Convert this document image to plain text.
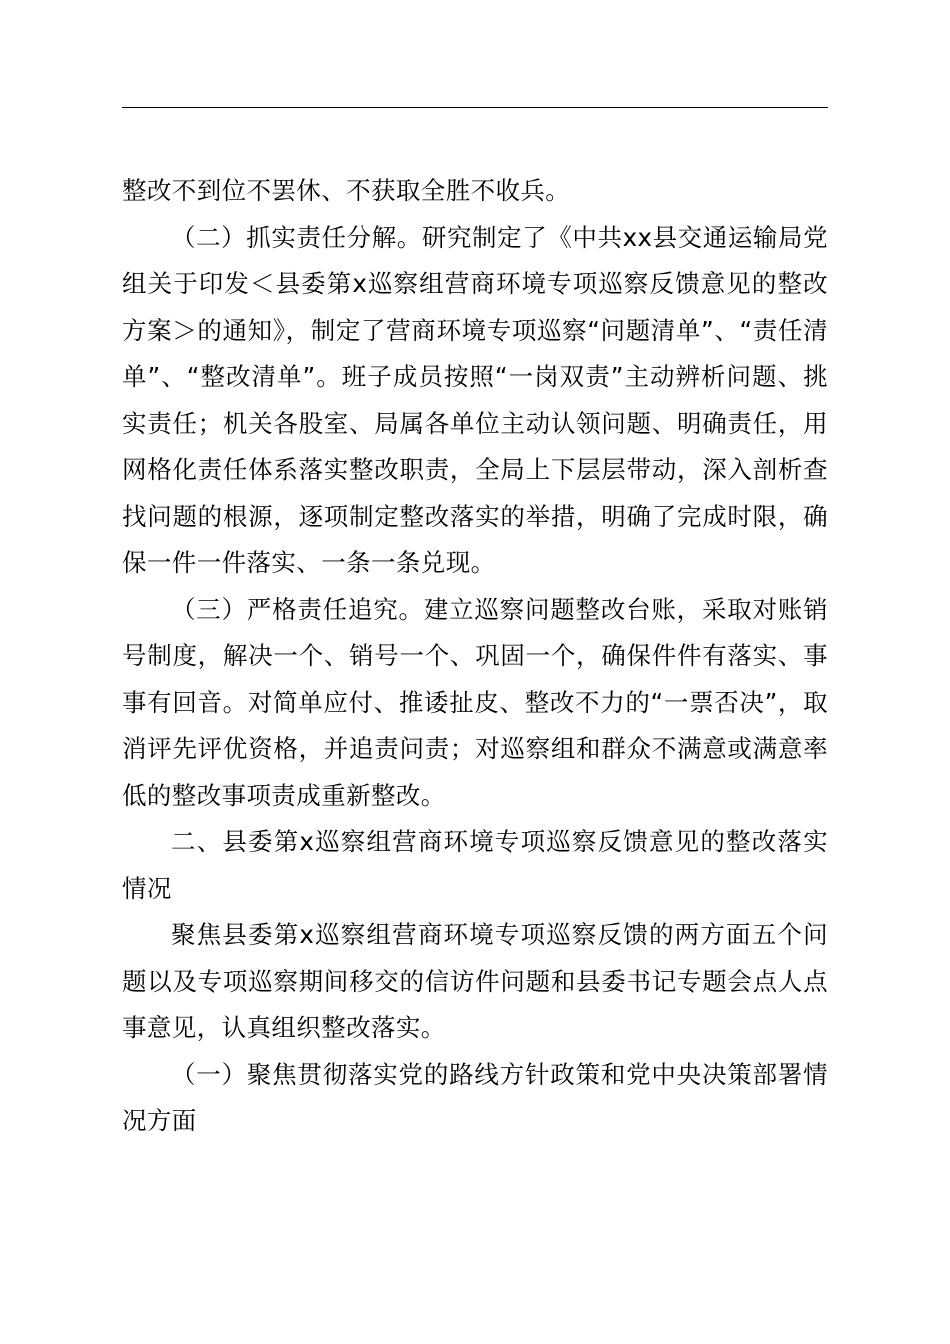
整改不到位不罢休、不获取全胜不收兵。

（二）抓实责任分解。研究制定了《中共xx县交通运输局党组关于印发＜县委第x巡察组营商环境专项巡察反馈意见的整改方案＞的通知》，制定了营商环境专项巡察“问题清单”、“责任清单”、“整改清单”。班子成员按照“一岗双责”主动辨析问题、挑实责任；机关各股室、局属各单位主动认领问题、明确责任，用网格化责任体系落实整改职责，全局上下层层带动，深入剖析查找问题的根源，逐项制定整改落实的举措，明确了完成时限，确保一件一件落实、一条一条兑现。

（三）严格责任追究。建立巡察问题整改台账，采取对账销号制度，解决一个、销号一个、巩固一个，确保件件有落实、事事有回音。对简单应付、推诿扯皮、整改不力的“一票否决”，取消评先评优资格，并追责问责；对巡察组和群众不满意或满意率低的整改事项责成重新整改。

二、县委第x巡察组营商环境专项巡察反馈意见的整改落实情况

聚焦县委第x巡察组营商环境专项巡察反馈的两方面五个问题以及专项巡察期间移交的信访件问题和县委书记专题会点人点事意见，认真组织整改落实。

（一）聚焦贯彻落实党的路线方针政策和党中央决策部署情况方面
